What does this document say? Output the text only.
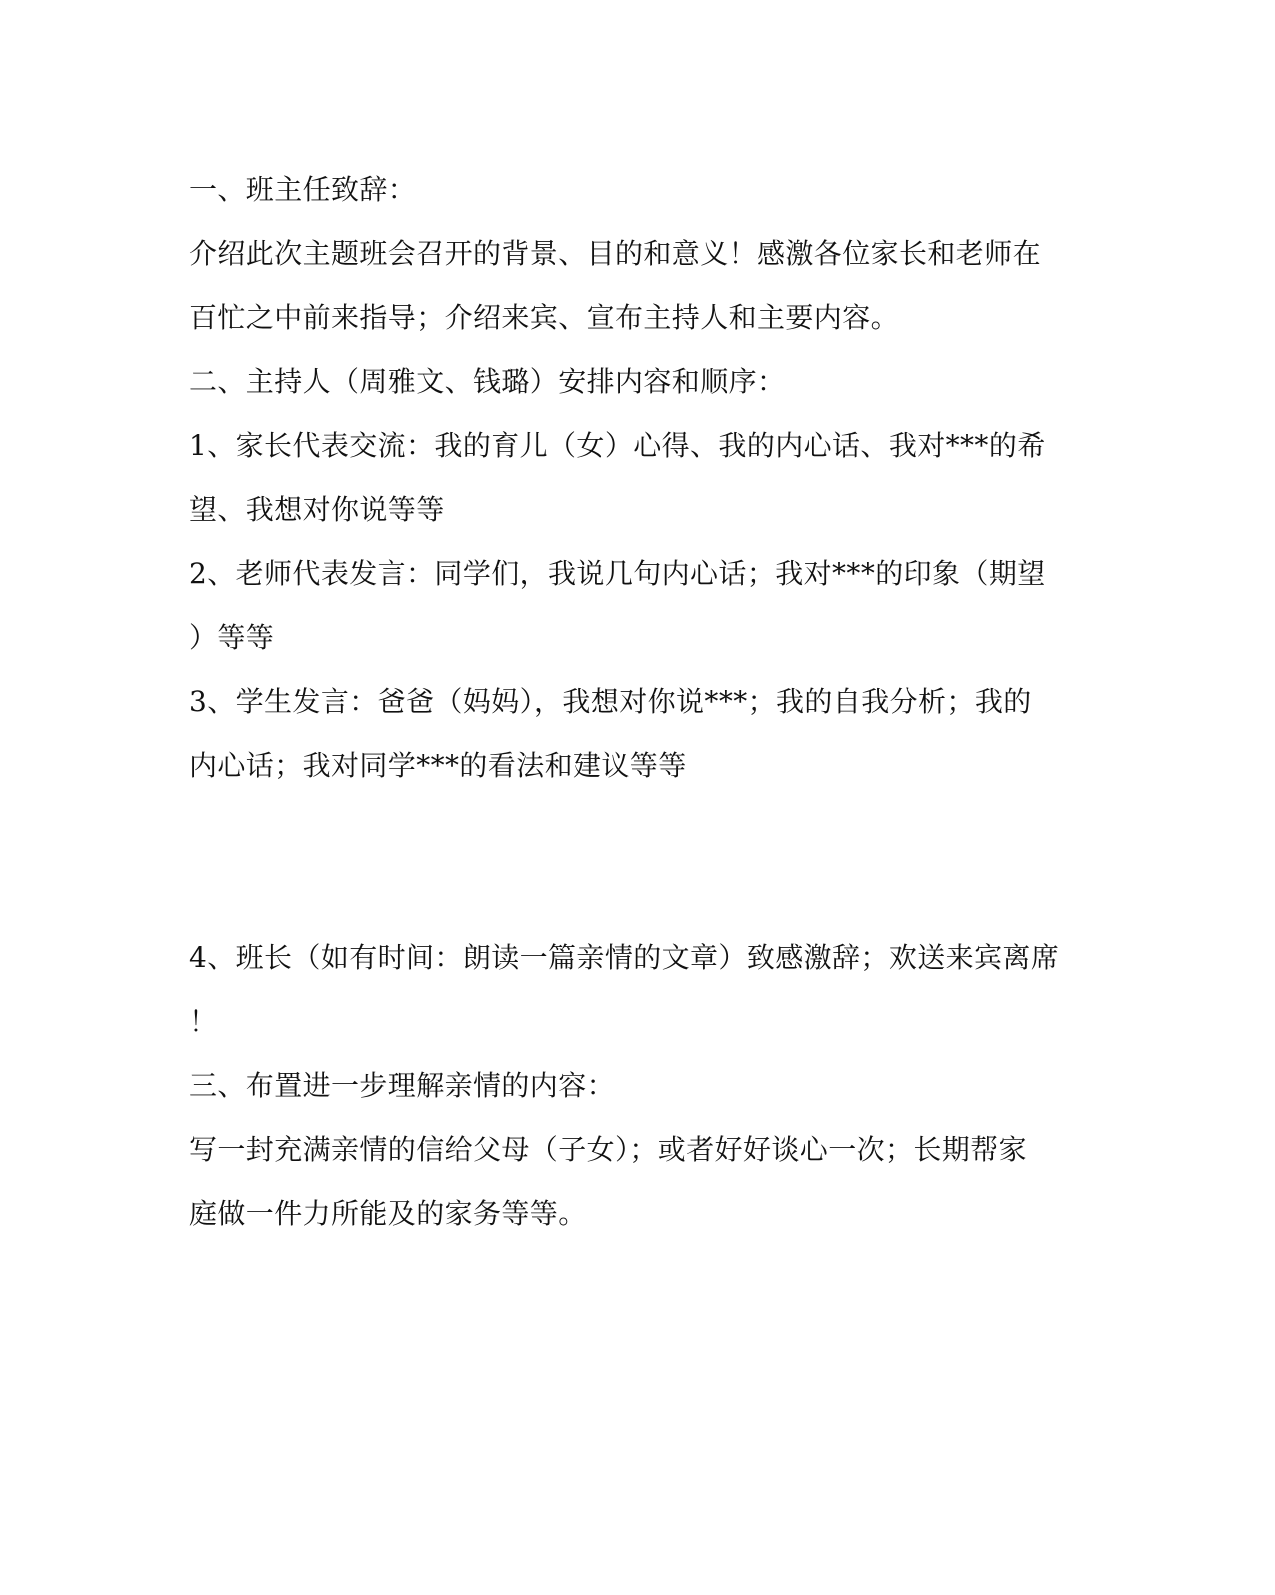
一、班主任致辞：
介绍此次主题班会召开的背景、目的和意义！感激各位家长和老师在
百忙之中前来指导；介绍来宾、宣布主持人和主要内容。
二、主持人（周雅文、钱璐）安排内容和顺序：
1、家长代表交流：我的育儿（女）心得、我的内心话、我对***的希
望、我想对你说等等
2、老师代表发言：同学们，我说几句内心话；我对***的印象（期望
）等等
3、学生发言：爸爸（妈妈），我想对你说***；我的自我分析；我的
内心话；我对同学***的看法和建议等等
4、班长（如有时间：朗读一篇亲情的文章）致感激辞；欢送来宾离席
！
三、布置进一步理解亲情的内容：
写一封充满亲情的信给父母（子女）；或者好好谈心一次；长期帮家
庭做一件力所能及的家务等等。
